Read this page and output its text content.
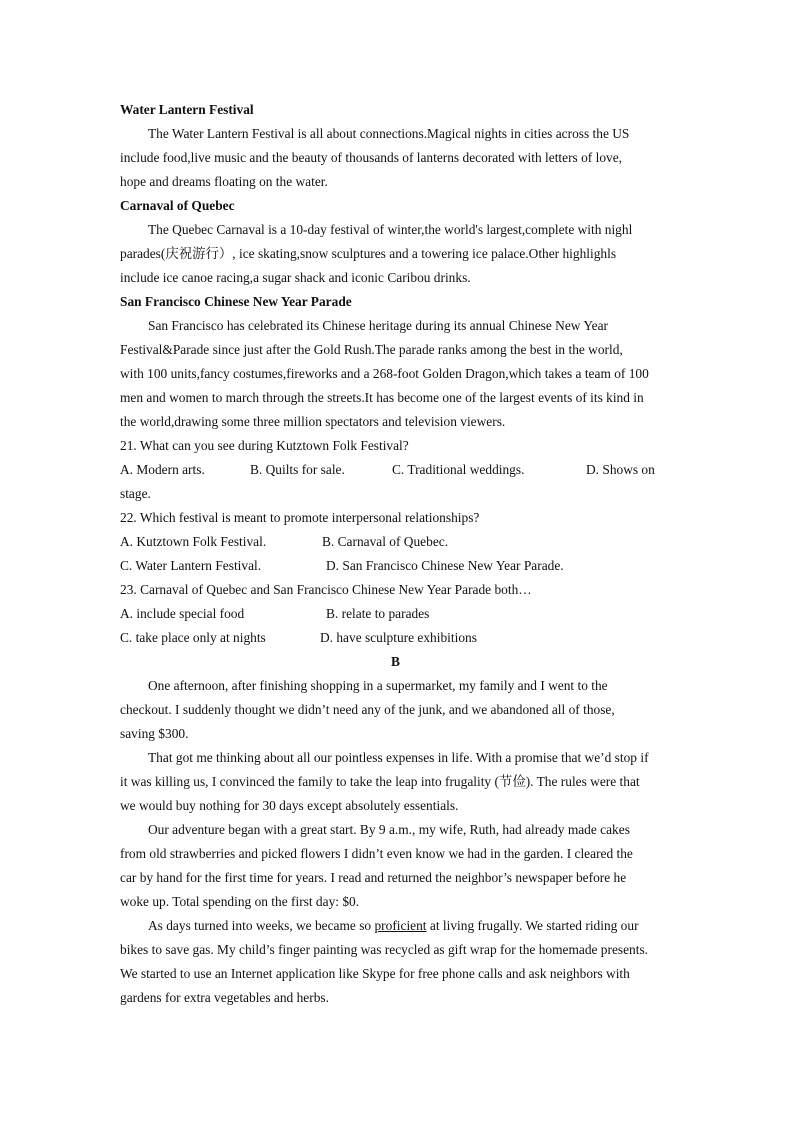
Water Lantern Festival
The Water Lantern Festival is all about connections.Magical nights in cities across the US
include food,live music and the beauty of thousands of lanterns decorated with letters of love,
hope and dreams floating on the water.
Carnaval of Quebec
The Quebec Carnaval is a 10-day festival of winter,the world's largest,complete with nighl
parades(庆祝游行）, ice skating,snow sculptures and a towering ice palace.Other highlighls
include ice canoe racing,a sugar shack and iconic Caribou drinks.
San Francisco Chinese New Year Parade
San Francisco has celebrated its Chinese heritage during its annual Chinese New Year
Festival&Parade since just after the Gold Rush.The parade ranks among the best in the world,
with 100 units,fancy costumes,fireworks and a 268-foot Golden Dragon,which takes a team of 100
men and women to march through the streets.It has become one of the largest events of its kind in
the world,drawing some three million spectators and television viewers.
21. What can you see during Kutztown Folk Festival?
A. Modern arts.	B. Quilts for sale.	C. Traditional weddings.	D. Shows on
stage.
22. Which festival is meant to promote interpersonal relationships?
A. Kutztown Folk Festival.	B. Carnaval of Quebec.
C. Water Lantern Festival.	D. San Francisco Chinese New Year Parade.
23. Carnaval of Quebec and San Francisco Chinese New Year Parade both…
A. include special food	B. relate to parades
C. take place only at nights	D. have sculpture exhibitions
B
One afternoon, after finishing shopping in a supermarket, my family and I went to the
checkout. I suddenly thought we didn’t need any of the junk, and we abandoned all of those,
saving $300.
That got me thinking about all our pointless expenses in life. With a promise that we’d stop if
it was killing us, I convinced the family to take the leap into frugality (节俭). The rules were that
we would buy nothing for 30 days except absolutely essentials.
Our adventure began with a great start. By 9 a.m., my wife, Ruth, had already made cakes
from old strawberries and picked flowers I didn’t even know we had in the garden. I cleared the
car by hand for the first time for years. I read and returned the neighbor’s newspaper before he
woke up. Total spending on the first day: $0.
As days turned into weeks, we became so proficient at living frugally. We started riding our
bikes to save gas. My child’s finger painting was recycled as gift wrap for the homemade presents.
We started to use an Internet application like Skype for free phone calls and ask neighbors with
gardens for extra vegetables and herbs.
